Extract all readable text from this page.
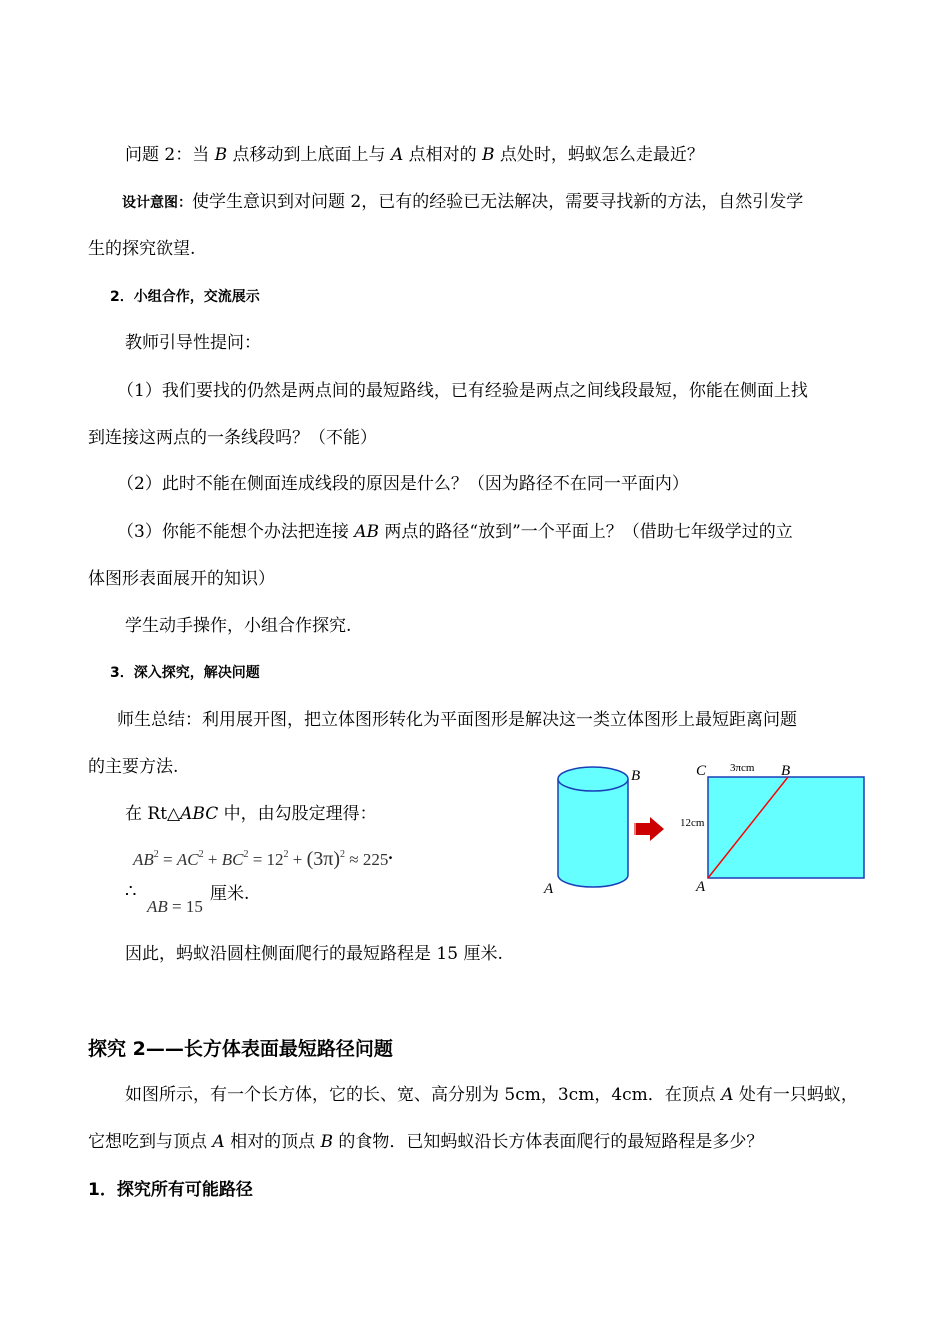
问题 2：当 B 点移动到上底面上与 A 点相对的 B 点处时，蚂蚁怎么走最近？
设计意图：使学生意识到对问题 2，已有的经验已无法解决，需要寻找新的方法，自然引发学
生的探究欲望.
2．小组合作，交流展示
教师引导性提问：
（1）我们要找的仍然是两点间的最短路线，已有经验是两点之间线段最短，你能在侧面上找
到连接这两点的一条线段吗？（不能）
（2）此时不能在侧面连成线段的原因是什么？（因为路径不在同一平面内）
（3）你能不能想个办法把连接 AB 两点的路径“放到”一个平面上？（借助七年级学过的立
体图形表面展开的知识）
学生动手操作，小组合作探究.
3．深入探究，解决问题
师生总结：利用展开图，把立体图形转化为平面图形是解决这一类立体图形上最短距离问题
的主要方法.
在 Rt△ABC 中，由勾股定理得：
$AB^2 = AC^2 + BC^2 = 12^2 + (3\pi)^2 \approx 225$.
∴
AB = 15
厘米.
因此，蚂蚁沿圆柱侧面爬行的最短路程是 15 厘米.
探究 2——长方体表面最短路径问题
如图所示，有一个长方体，它的长、宽、高分别为 5cm，3cm，4cm．在顶点 A 处有一只蚂蚁，
它想吃到与顶点 A 相对的顶点 B 的食物．已知蚂蚁沿长方体表面爬行的最短路程是多少？
1．探究所有可能路径
B
A
C	B
A
3πcm
12cm
